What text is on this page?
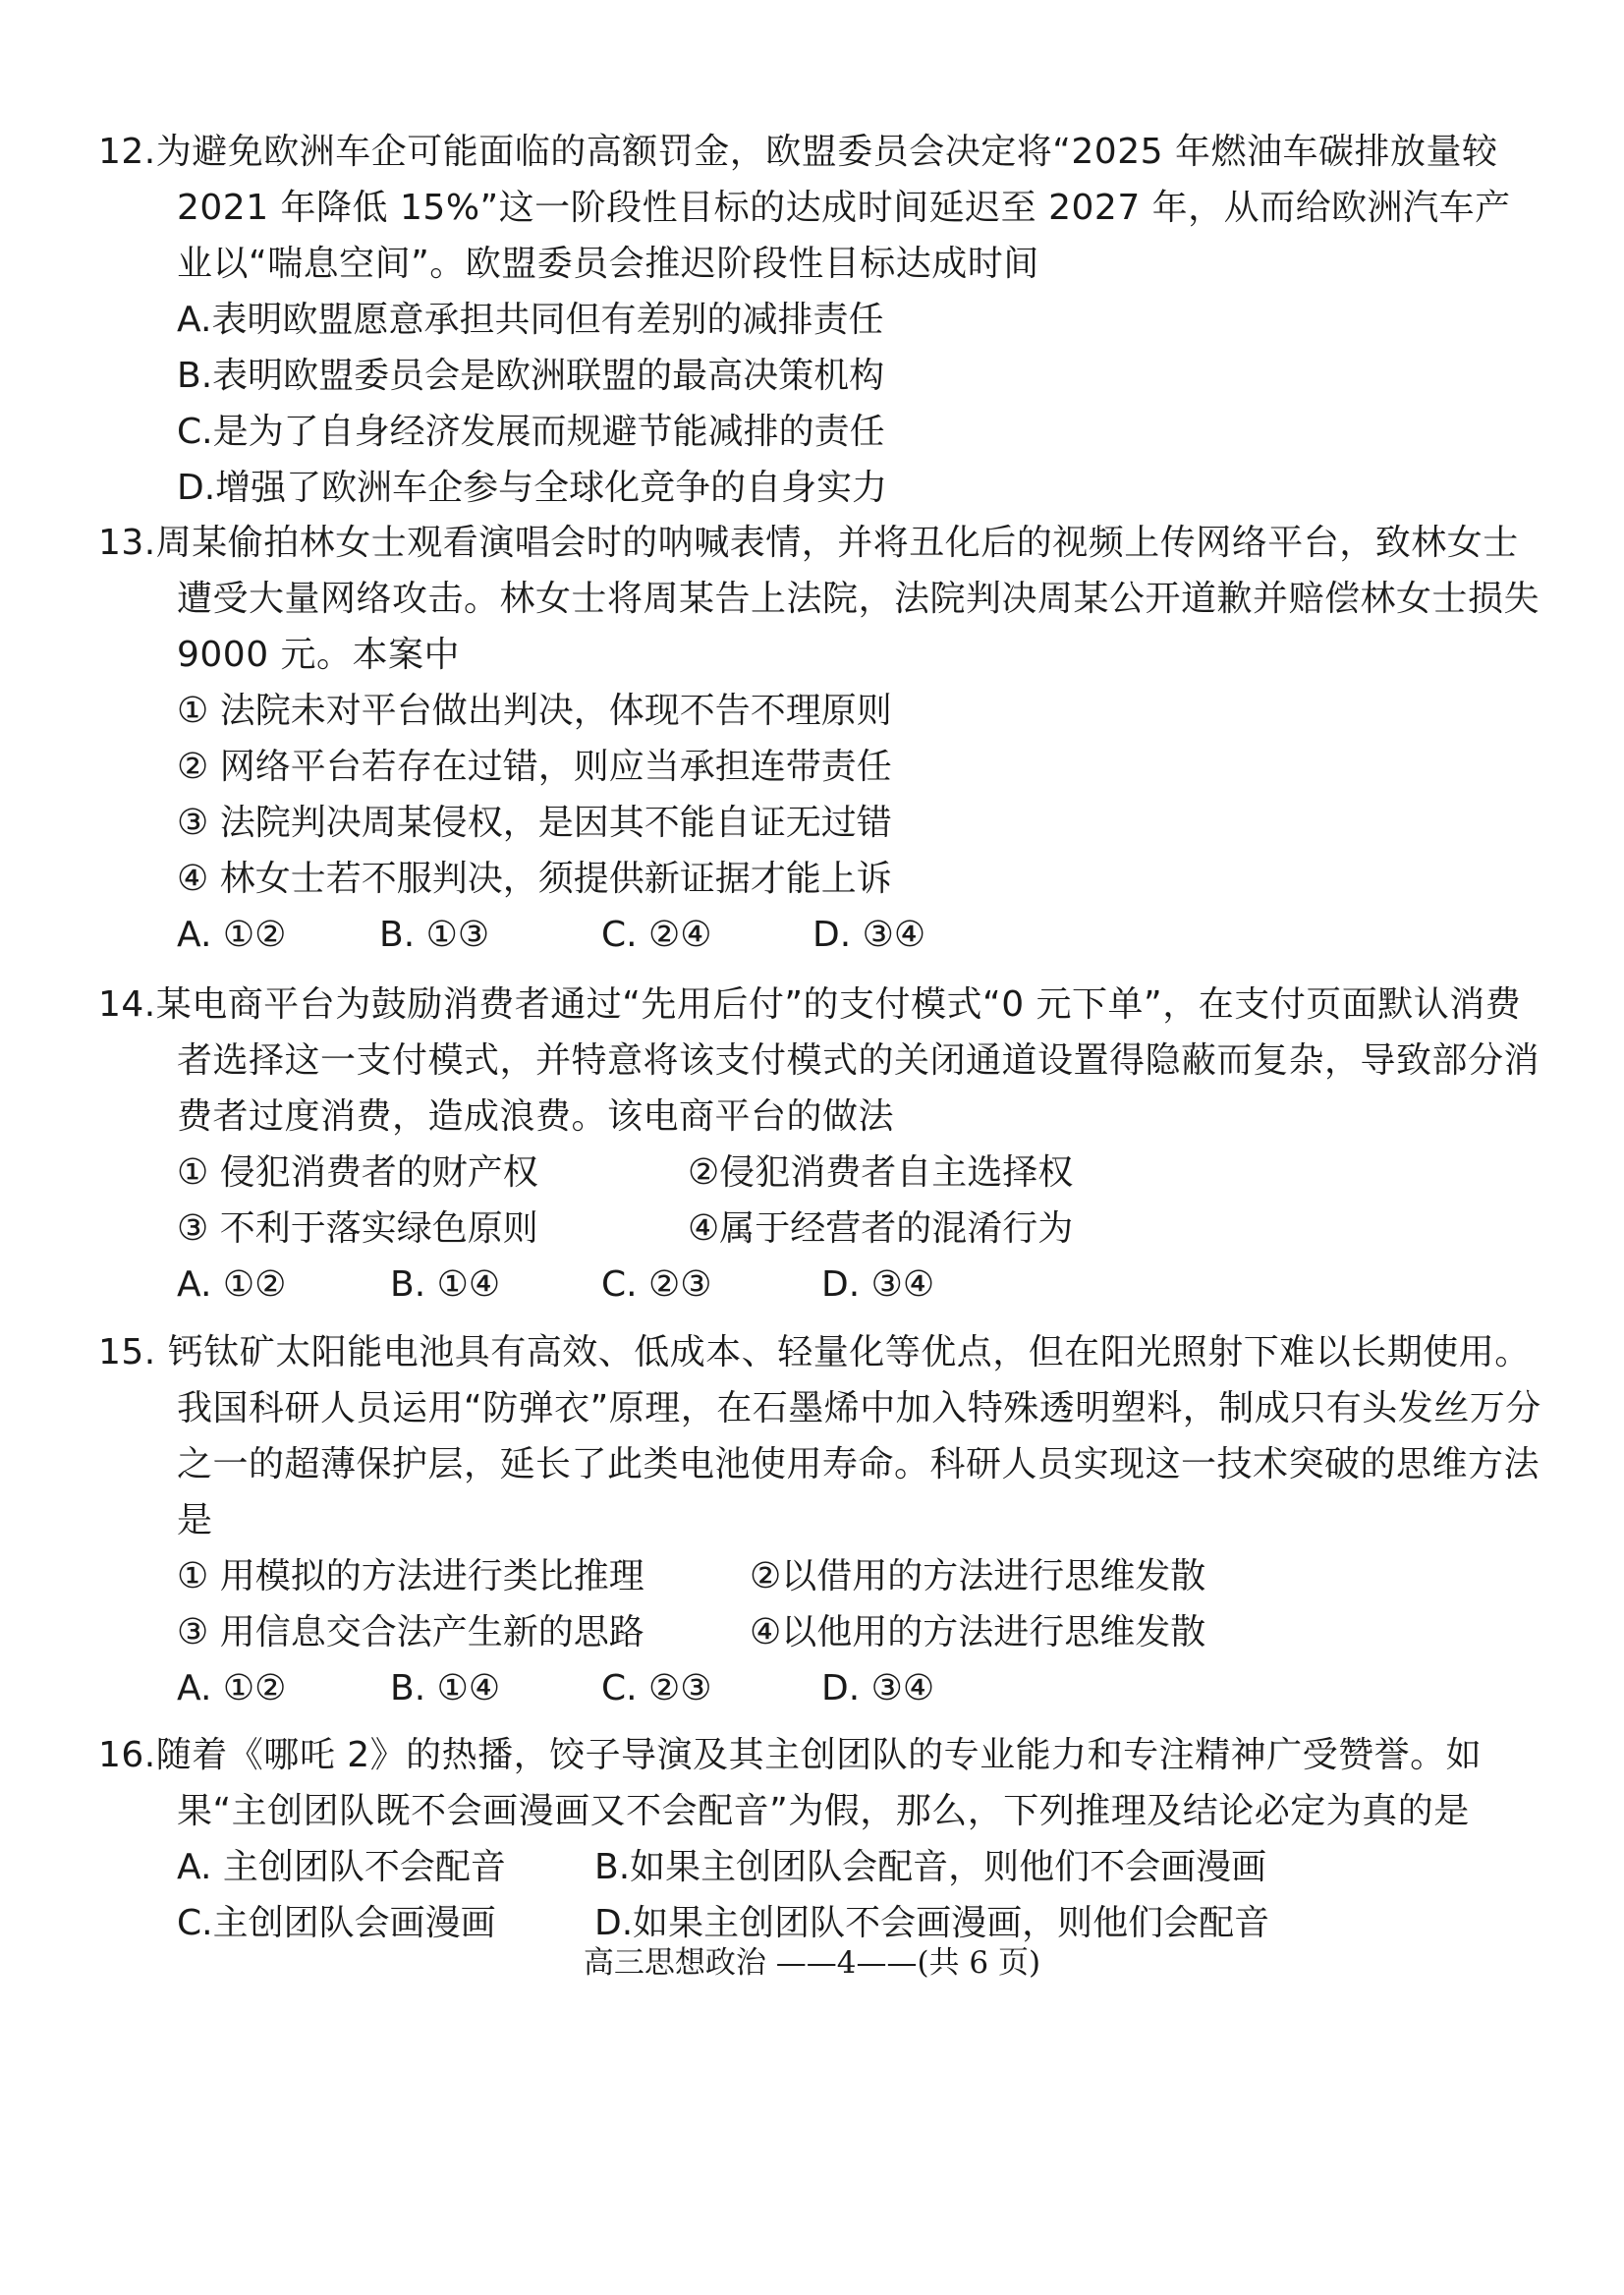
12.为避免欧洲车企可能面临的高额罚金，欧盟委员会决定将“2025 年燃油车碳排放量较 2021 年降低 15%”这一阶段性目标的达成时间延迟至 2027 年，从而给欧洲汽车产业以“喘息空间”。欧盟委员会推迟阶段性目标达成时间

A.表明欧盟愿意承担共同但有差别的减排责任

B.表明欧盟委员会是欧洲联盟的最高决策机构

C.是为了自身经济发展而规避节能减排的责任

D.增强了欧洲车企参与全球化竞争的自身实力

13.周某偷拍林女士观看演唱会时的呐喊表情，并将丑化后的视频上传网络平台，致林女士遭受大量网络攻击。林女士将周某告上法院，法院判决周某公开道歉并赔偿林女士损失 9000 元。本案中

① 法院未对平台做出判决，体现不告不理原则

② 网络平台若存在过错，则应当承担连带责任

③ 法院判决周某侵权，是因其不能自证无过错

④ 林女士若不服判决，须提供新证据才能上诉

A. ①②	B. ①③	C. ②④	D. ③④

14.某电商平台为鼓励消费者通过“先用后付”的支付模式“0 元下单”，在支付页面默认消费者选择这一支付模式，并特意将该支付模式的关闭通道设置得隐蔽而复杂，导致部分消费者过度消费，造成浪费。该电商平台的做法

① 侵犯消费者的财产权	②侵犯消费者自主选择权
③ 不利于落实绿色原则	④属于经营者的混淆行为
A. ①②	B. ①④	C. ②③	D. ③④

15. 钙钛矿太阳能电池具有高效、低成本、轻量化等优点，但在阳光照射下难以长期使用。我国科研人员运用“防弹衣”原理，在石墨烯中加入特殊透明塑料，制成只有头发丝万分之一的超薄保护层，延长了此类电池使用寿命。科研人员实现这一技术突破的思维方法是

① 用模拟的方法进行类比推理	②以借用的方法进行思维发散
③ 用信息交合法产生新的思路	④以他用的方法进行思维发散
A. ①②	B. ①④	C. ②③	D. ③④

16.随着《哪吒 2》的热播，饺子导演及其主创团队的专业能力和专注精神广受赞誉。如果“主创团队既不会画漫画又不会配音”为假，那么，下列推理及结论必定为真的是

A. 主创团队不会配音	B.如果主创团队会配音，则他们不会画漫画
C.主创团队会画漫画	D.如果主创团队不会画漫画，则他们会配音
高三思想政治 ——4——(共 6 页)
